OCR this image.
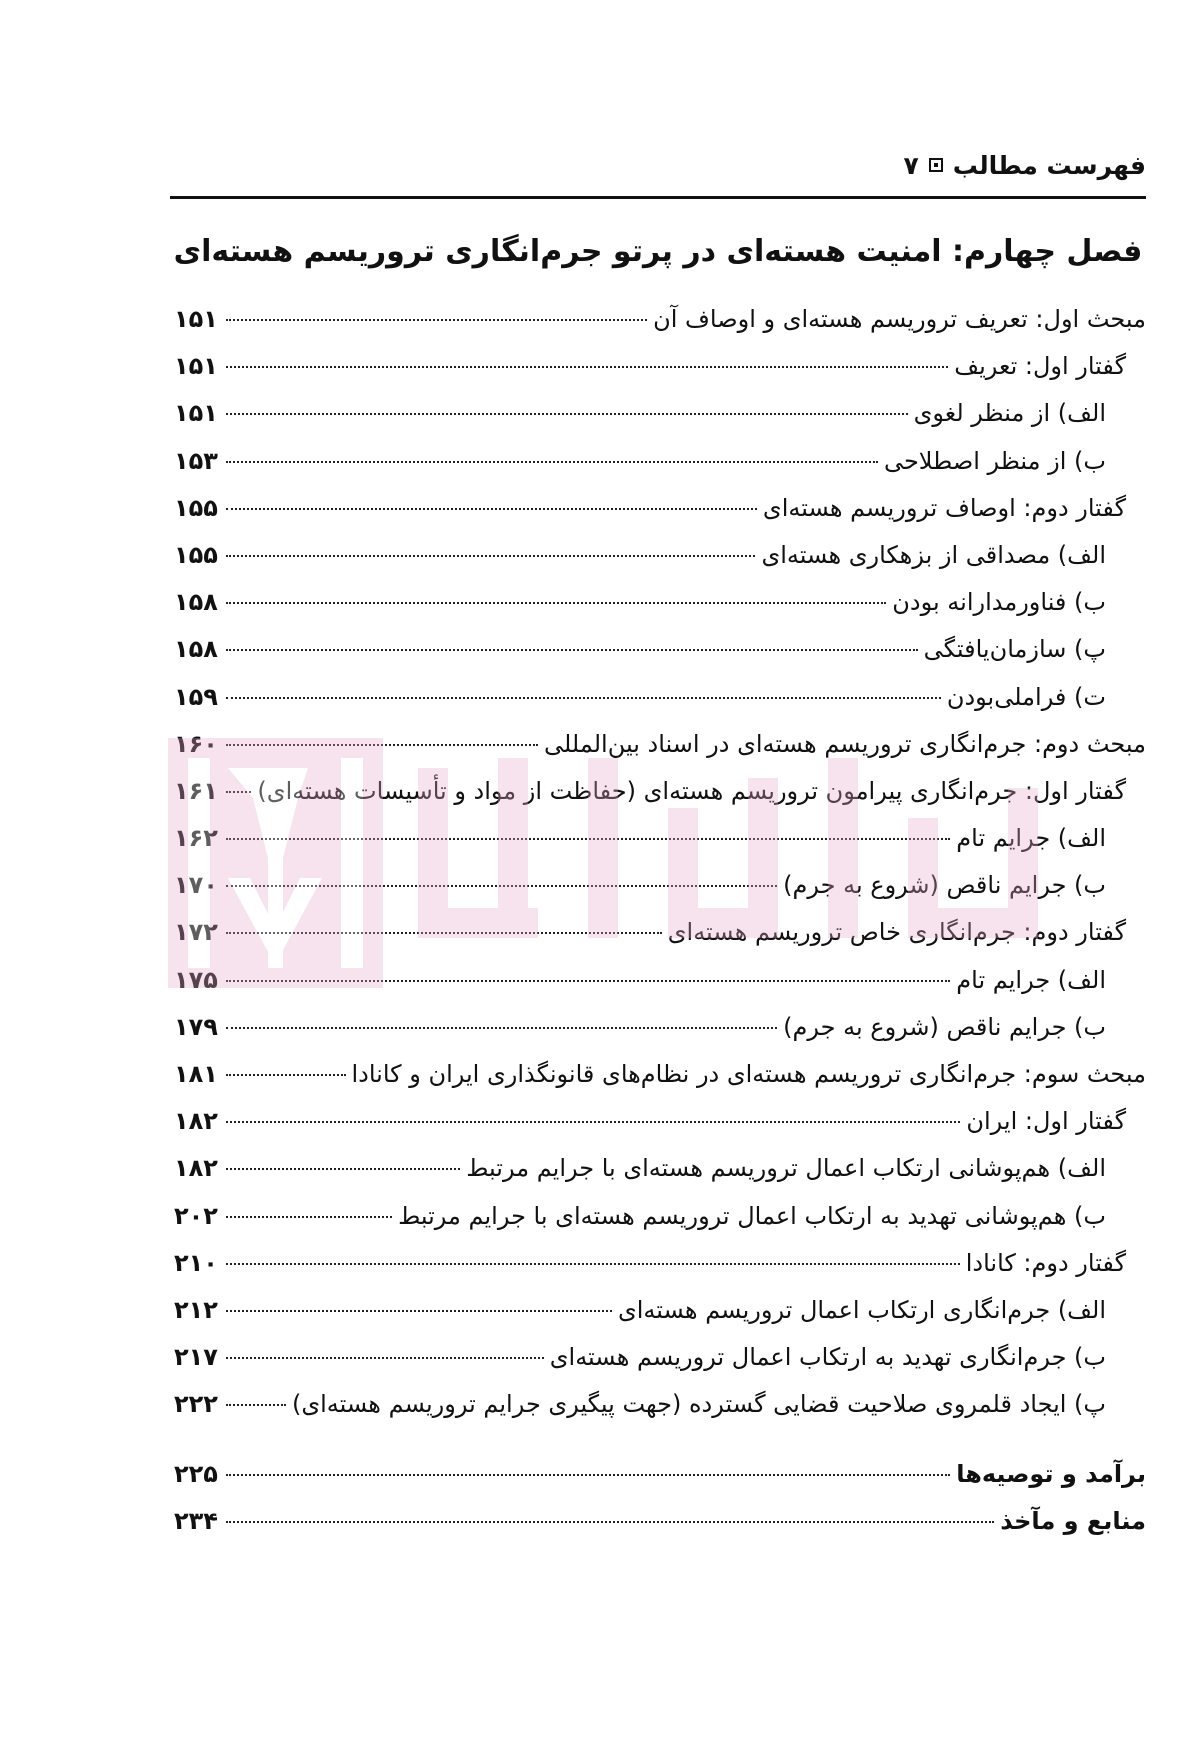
فهرست مطالب
۷
فصل چهارم: امنیت هسته‌ای در پرتو جرم‌انگاری تروریسم هسته‌ای
مبحث اول: تعریف تروریسم هسته‌ای و اوصاف آن
۱۵۱
گفتار اول: تعریف
۱۵۱
الف) از منظر لغوی
۱۵۱
ب) از منظر اصطلاحی
۱۵۳
گفتار دوم: اوصاف تروریسم هسته‌ای
۱۵۵
الف) مصداقی از بزهکاری هسته‌ای
۱۵۵
ب) فناورمدارانه بودن
۱۵۸
پ) سازمان‌یافتگی
۱۵۸
ت) فراملی‌بودن
۱۵۹
مبحث دوم: جرم‌انگاری تروریسم هسته‌ای در اسناد بین‌المللی
۱۶۰
گفتار اول: جرم‌انگاری پیرامون تروریسم هسته‌ای (حفاظت از مواد و تأسیسات هسته‌ای)
۱۶۱
الف) جرایم تام
۱۶۲
ب) جرایم ناقص (شروع به جرم)
۱۷۰
گفتار دوم: جرم‌انگاری خاص تروریسم هسته‌ای
۱۷۲
الف) جرایم تام
۱۷۵
ب) جرایم ناقص (شروع به جرم)
۱۷۹
مبحث سوم: جرم‌انگاری تروریسم هسته‌ای در نظام‌های قانونگذاری ایران و کانادا
۱۸۱
گفتار اول: ایران
۱۸۲
الف) هم‌پوشانی ارتکاب اعمال تروریسم هسته‌ای با جرایم مرتبط
۱۸۲
ب) هم‌پوشانی تهدید به ارتکاب اعمال تروریسم هسته‌ای با جرایم مرتبط
۲۰۲
گفتار دوم: کانادا
۲۱۰
الف) جرم‌انگاری ارتکاب اعمال تروریسم هسته‌ای
۲۱۲
ب) جرم‌انگاری تهدید به ارتکاب اعمال تروریسم هسته‌ای
۲۱۷
پ) ایجاد قلمروی صلاحیت قضایی گسترده (جهت پیگیری جرایم تروریسم هسته‌ای)
۲۲۲
برآمد و توصیه‌ها
۲۲۵
منابع و مآخذ
۲۳۴
